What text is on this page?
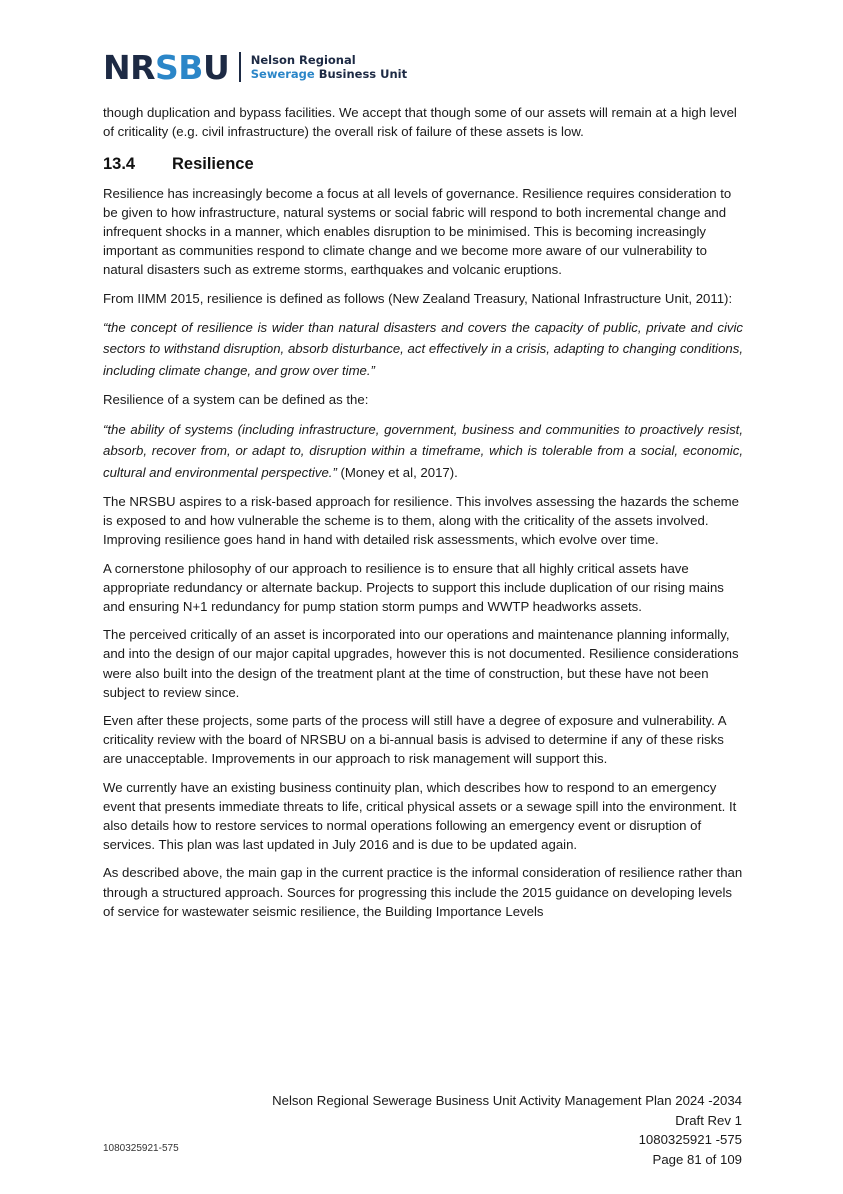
NRSBU Nelson Regional
Sewerage Business Unit

though duplication and bypass facilities. We accept that though some of our assets will remain at a high level of criticality (e.g. civil infrastructure) the overall risk of failure of these assets is low.

13.4	Resilience

Resilience has increasingly become a focus at all levels of governance. Resilience requires consideration to be given to how infrastructure, natural systems or social fabric will respond to both incremental change and infrequent shocks in a manner, which enables disruption to be minimised. This is becoming increasingly important as communities respond to climate change and we become more aware of our vulnerability to natural disasters such as extreme storms, earthquakes and volcanic eruptions.

From IIMM 2015, resilience is defined as follows (New Zealand Treasury, National Infrastructure Unit, 2011):

“the concept of resilience is wider than natural disasters and covers the capacity of public, private and civic sectors to withstand disruption, absorb disturbance, act effectively in a crisis, adapting to changing conditions, including climate change, and grow over time.”

Resilience of a system can be defined as the:

“the ability of systems (including infrastructure, government, business and communities to proactively resist, absorb, recover from, or adapt to, disruption within a timeframe, which is tolerable from a social, economic, cultural and environmental perspective.” (Money et al, 2017).

The NRSBU aspires to a risk-based approach for resilience. This involves assessing the hazards the scheme is exposed to and how vulnerable the scheme is to them, along with the criticality of the assets involved. Improving resilience goes hand in hand with detailed risk assessments, which evolve over time.

A cornerstone philosophy of our approach to resilience is to ensure that all highly critical assets have appropriate redundancy or alternate backup. Projects to support this include duplication of our rising mains and ensuring N+1 redundancy for pump station storm pumps and WWTP headworks assets.

The perceived critically of an asset is incorporated into our operations and maintenance planning informally, and into the design of our major capital upgrades, however this is not documented. Resilience considerations were also built into the design of the treatment plant at the time of construction, but these have not been subject to review since.

Even after these projects, some parts of the process will still have a degree of exposure and vulnerability. A criticality review with the board of NRSBU on a bi-annual basis is advised to determine if any of these risks are unacceptable. Improvements in our approach to risk management will support this.

We currently have an existing business continuity plan, which describes how to respond to an emergency event that presents immediate threats to life, critical physical assets or a sewage spill into the environment. It also details how to restore services to normal operations following an emergency event or disruption of services. This plan was last updated in July 2016 and is due to be updated again.

As described above, the main gap in the current practice is the informal consideration of resilience rather than through a structured approach. Sources for progressing this include the 2015 guidance on developing levels of service for wastewater seismic resilience, the Building Importance Levels

Nelson Regional Sewerage Business Unit Activity Management Plan 2024 -2034
Draft Rev 1
1080325921 -575
Page 81 of 109
1080325921-575
